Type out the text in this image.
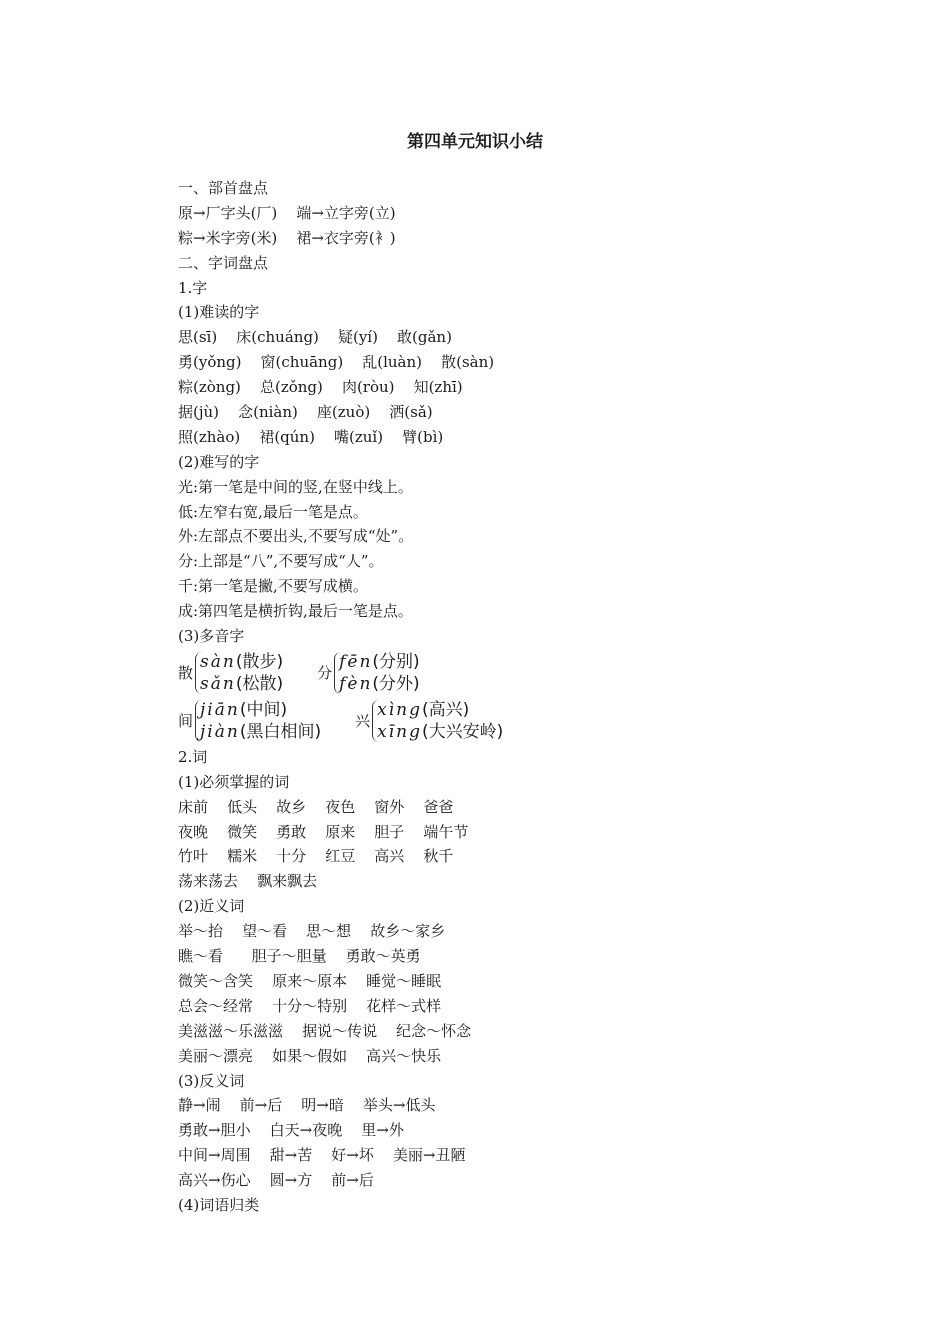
第四单元知识小结
一、部首盘点
原→厂字头(厂)    端→立字旁(立)
粽→米字旁(米)    裙→衣字旁(衤)
二、字词盘点
1.字
(1)难读的字
思(sī)    床(chuáng)    疑(yí)    敢(gǎn)
勇(yǒng)    窗(chuāng)    乱(luàn)    散(sàn)
粽(zòng)    总(zǒng)    肉(ròu)    知(zhī)
据(jù)    念(niàn)    座(zuò)    洒(sǎ)
照(zhào)    裙(qún)    嘴(zuǐ)    臂(bì)
(2)难写的字
光:第一笔是中间的竖,在竖中线上。
低:左窄右宽,最后一笔是点。
外:左部点不要出头,不要写成“处”。
分:上部是“八”,不要写成“人”。
千:第一笔是撇,不要写成横。
成:第四笔是横折钩,最后一笔是点。
(3)多音字
散
sàn(散步)
sǎn(松散)
分
fēn(分别)
fèn(分外)
间
jiān(中间)
jiàn(黑白相间)
兴
xìng(高兴)
xīng(大兴安岭)
2.词
(1)必须掌握的词
床前    低头    故乡    夜色    窗外    爸爸
夜晚    微笑    勇敢    原来    胆子    端午节
竹叶    糯米    十分    红豆    高兴    秋千
荡来荡去    飘来飘去
(2)近义词
举～抬    望～看    思～想    故乡～家乡
瞧～看      胆子～胆量    勇敢～英勇
微笑～含笑    原来～原本    睡觉～睡眠
总会～经常    十分～特别    花样～式样
美滋滋～乐滋滋    据说～传说    纪念～怀念
美丽～漂亮    如果～假如    高兴～快乐
(3)反义词
静→闹    前→后    明→暗    举头→低头
勇敢→胆小    白天→夜晚    里→外
中间→周围    甜→苦    好→坏    美丽→丑陋
高兴→伤心    圆→方    前→后
(4)词语归类
